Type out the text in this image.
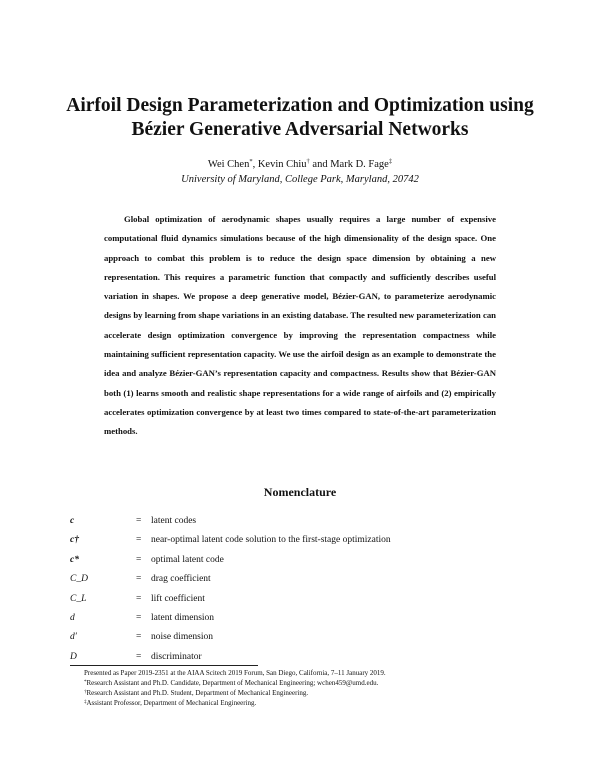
Airfoil Design Parameterization and Optimization using Bézier Generative Adversarial Networks
Wei Chen*, Kevin Chiu† and Mark D. Fage‡
University of Maryland, College Park, Maryland, 20742

Global optimization of aerodynamic shapes usually requires a large number of expensive computational fluid dynamics simulations because of the high dimensionality of the design space. One approach to combat this problem is to reduce the design space dimension by obtaining a new representation. This requires a parametric function that compactly and sufficiently describes useful variation in shapes. We propose a deep generative model, Bézier-GAN, to parameterize aerodynamic designs by learning from shape variations in an existing database. The resulted new parameterization can accelerate design optimization convergence by improving the representation compactness while maintaining sufficient representation capacity. We use the airfoil design as an example to demonstrate the idea and analyze Bézier-GAN’s representation capacity and compactness. Results show that Bézier-GAN both (1) learns smooth and realistic shape representations for a wide range of airfoils and (2) empirically accelerates optimization convergence by at least two times compared to state-of-the-art parameterization methods.

Nomenclature
c	= latent codes
c†	= near-optimal latent code solution to the first-stage optimization
c*	= optimal latent code
C_D	= drag coefficient
C_L	= lift coefficient
d	= latent dimension
d′	= noise dimension
D	= discriminator
Presented as Paper 2019-2351 at the AIAA Scitech 2019 Forum, San Diego, California, 7–11 January 2019.
*Research Assistant and Ph.D. Candidate, Department of Mechanical Engineering; wchen459@umd.edu.
†Research Assistant and Ph.D. Student, Department of Mechanical Engineering.
‡Assistant Professor, Department of Mechanical Engineering.
